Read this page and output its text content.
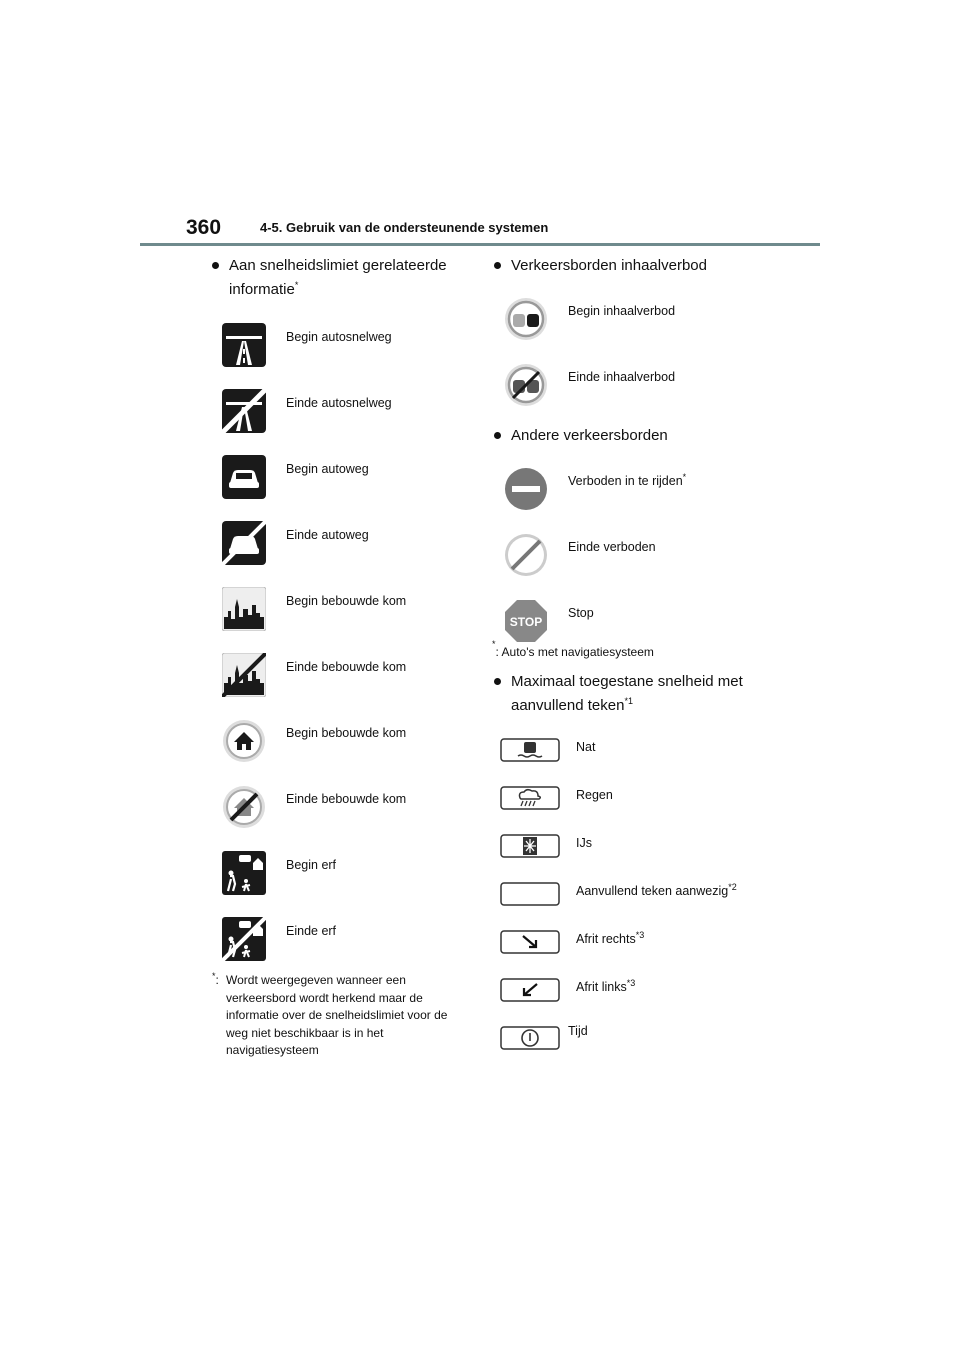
360	4-5. Gebruik van de ondersteunende systemen

Aan snelheidslimiet gerelateerde informatie*

Begin autosnelweg
Einde autosnelweg
Begin autoweg
Einde autoweg
Begin bebouwde kom
Einde bebouwde kom
Begin bebouwde kom
Einde bebouwde kom
Begin erf
Einde erf
*: Wordt weergegeven wanneer een verkeersbord wordt herkend maar de informatie over de snelheidslimiet voor de weg niet beschikbaar is in het navigatiesysteem

Verkeersborden inhaalverbod

Begin inhaalverbod
Einde inhaalverbod

Andere verkeersborden

Verboden in te rijden*
Einde verboden
STOP
Stop
*
: Auto's met navigatiesysteem

Maximaal toegestane snelheid met aanvullend teken$^{*1}$

Nat
Regen
IJs
Aanvullend teken aanwezig$^{*2}$
Afrit rechts$^{*3}$
Afrit links$^{*3}$
Tijd
